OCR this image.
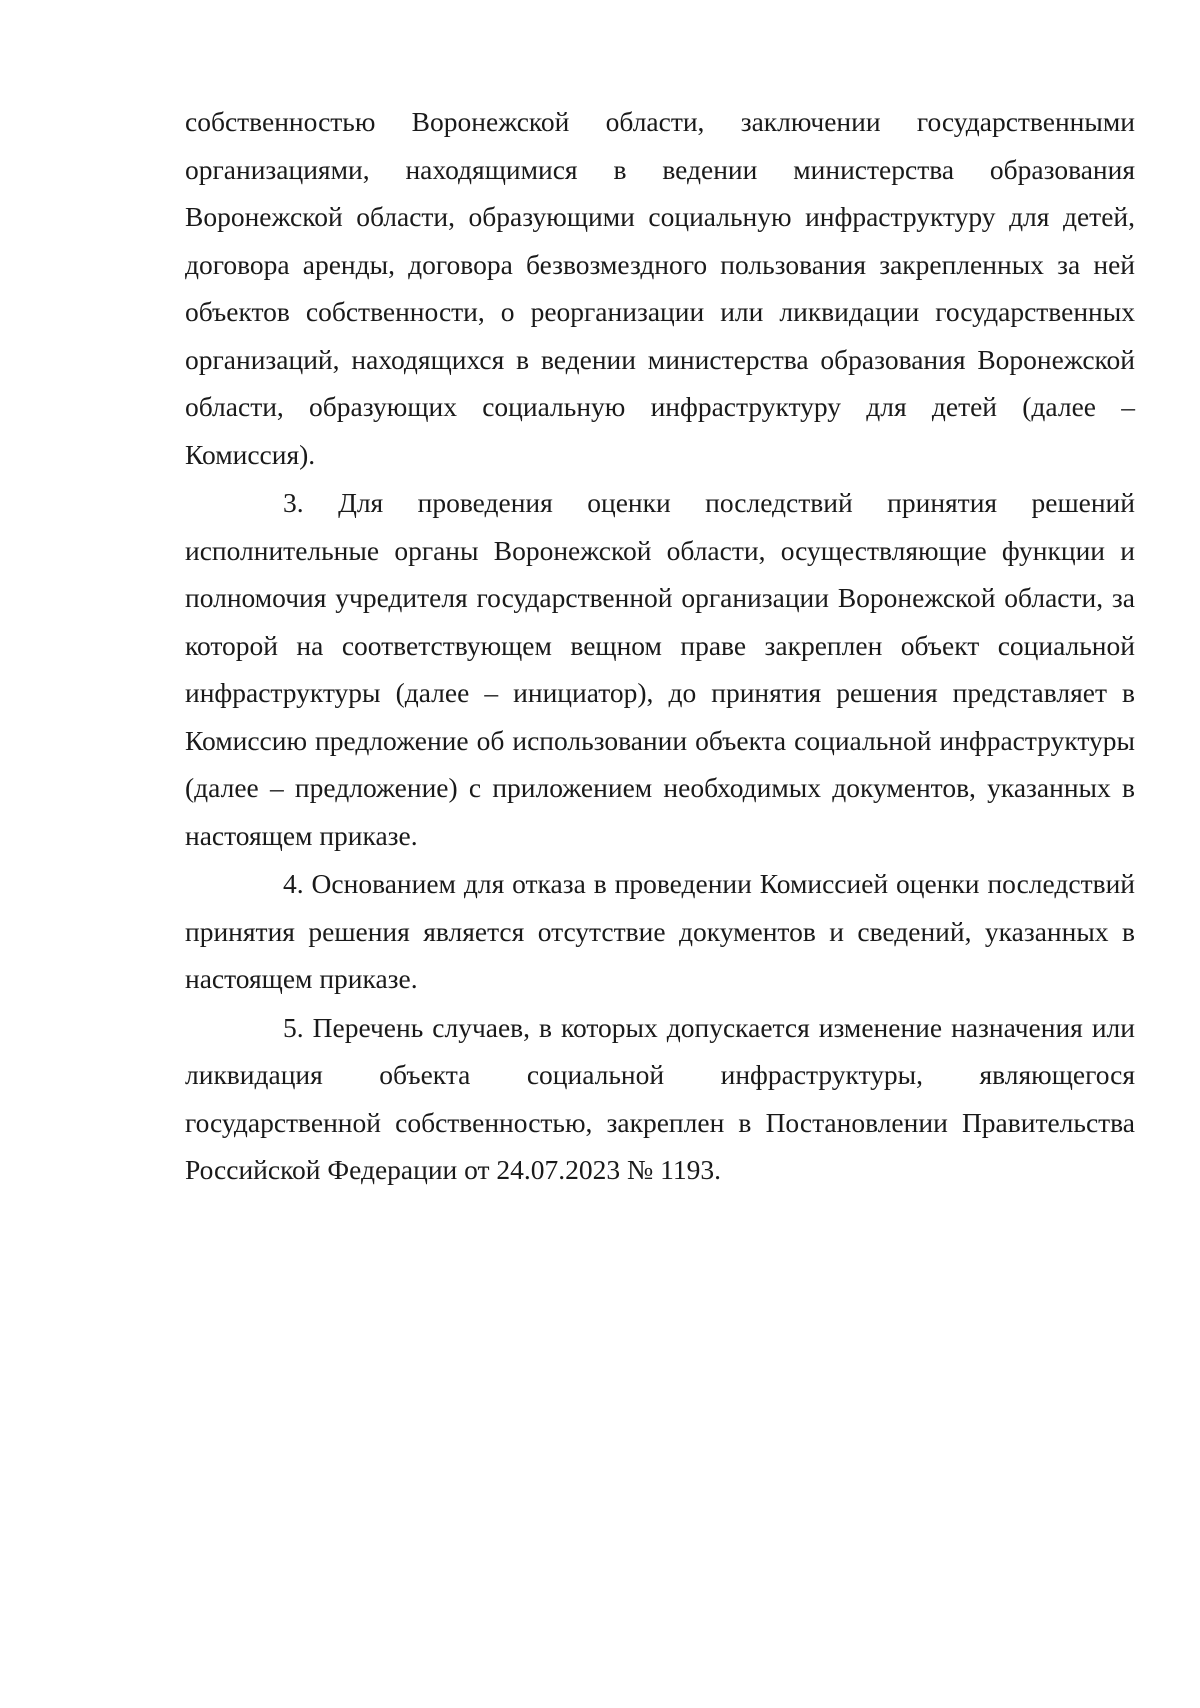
собственностью Воронежской области, заключении государственными организациями, находящимися в ведении министерства образования Воронежской области, образующими социальную инфраструктуру для детей, договора аренды, договора безвозмездного пользования закрепленных за ней объектов собственности, о реорганизации или ликвидации государственных организаций, находящихся в ведении министерства образования Воронежской области, образующих социальную инфраструктуру для детей (далее – Комиссия).

3. Для проведения оценки последствий принятия решений исполнительные органы Воронежской области, осуществляющие функции и полномочия учредителя государственной организации Воронежской области, за которой на соответствующем вещном праве закреплен объект социальной инфраструктуры (далее – инициатор), до принятия решения представляет в Комиссию предложение об использовании объекта социальной инфраструктуры (далее – предложение) с приложением необходимых документов, указанных в настоящем приказе.

4. Основанием для отказа в проведении Комиссией оценки последствий принятия решения является отсутствие документов и сведений, указанных в настоящем приказе.

5. Перечень случаев, в которых допускается изменение назначения или ликвидация объекта социальной инфраструктуры, являющегося государственной собственностью, закреплен в Постановлении Правительства Российской Федерации от 24.07.2023 № 1193.
